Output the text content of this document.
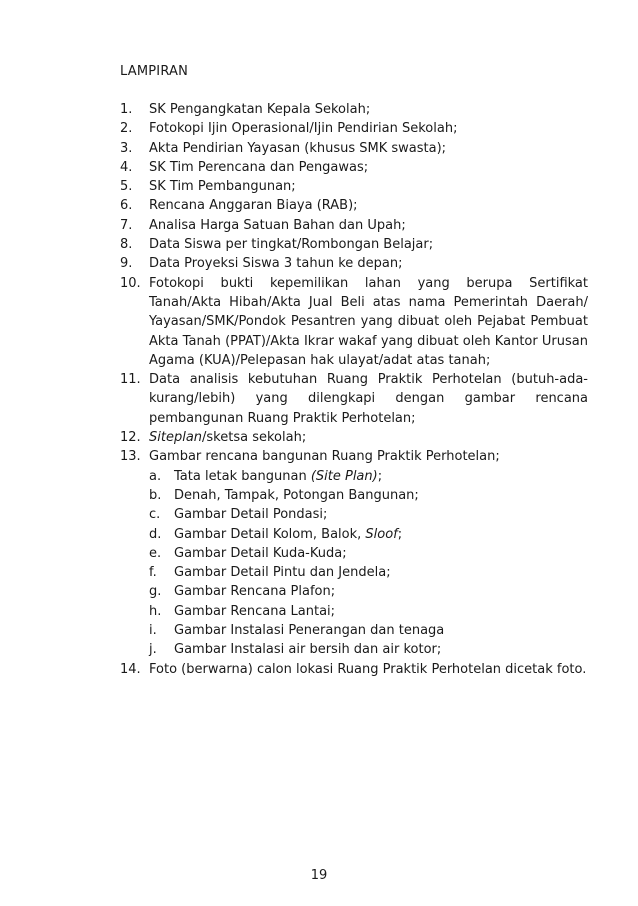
LAMPIRAN
1.	SK Pengangkatan Kepala Sekolah;
2.	Fotokopi Ijin Operasional/Ijin Pendirian Sekolah;
3.	Akta Pendirian Yayasan (khusus SMK swasta);
4.	SK Tim Perencana dan Pengawas;
5.	SK Tim Pembangunan;
6.	Rencana Anggaran Biaya (RAB);
7.	Analisa Harga Satuan Bahan dan Upah;
8.	Data Siswa per tingkat/Rombongan Belajar;
9.	Data Proyeksi Siswa 3 tahun ke depan;
10. Fotokopi bukti kepemilikan lahan yang berupa Sertifikat Tanah/Akta Hibah/Akta Jual Beli atas nama Pemerintah Daerah/ Yayasan/SMK/Pondok Pesantren yang dibuat oleh Pejabat Pembuat Akta Tanah (PPAT)/Akta Ikrar wakaf yang dibuat oleh Kantor Urusan Agama (KUA)/Pelepasan hak ulayat/adat atas tanah;
11. Data analisis kebutuhan Ruang Praktik Perhotelan (butuh-ada-kurang/lebih) yang dilengkapi dengan gambar rencana pembangunan Ruang Praktik Perhotelan;
12. Siteplan/sketsa sekolah;
13. Gambar rencana bangunan Ruang Praktik Perhotelan;
a. Tata letak bangunan (Site Plan);
b. Denah, Tampak, Potongan Bangunan;
c.	Gambar Detail Pondasi;
d. Gambar Detail Kolom, Balok, Sloof;
e. Gambar Detail Kuda-Kuda;
f.	Gambar Detail Pintu dan Jendela;
g. Gambar Rencana Plafon;
h. Gambar Rencana Lantai;
i.	Gambar Instalasi Penerangan dan tenaga
j.	Gambar Instalasi air bersih dan air kotor;
14. Foto (berwarna) calon lokasi Ruang Praktik Perhotelan dicetak foto.
19
